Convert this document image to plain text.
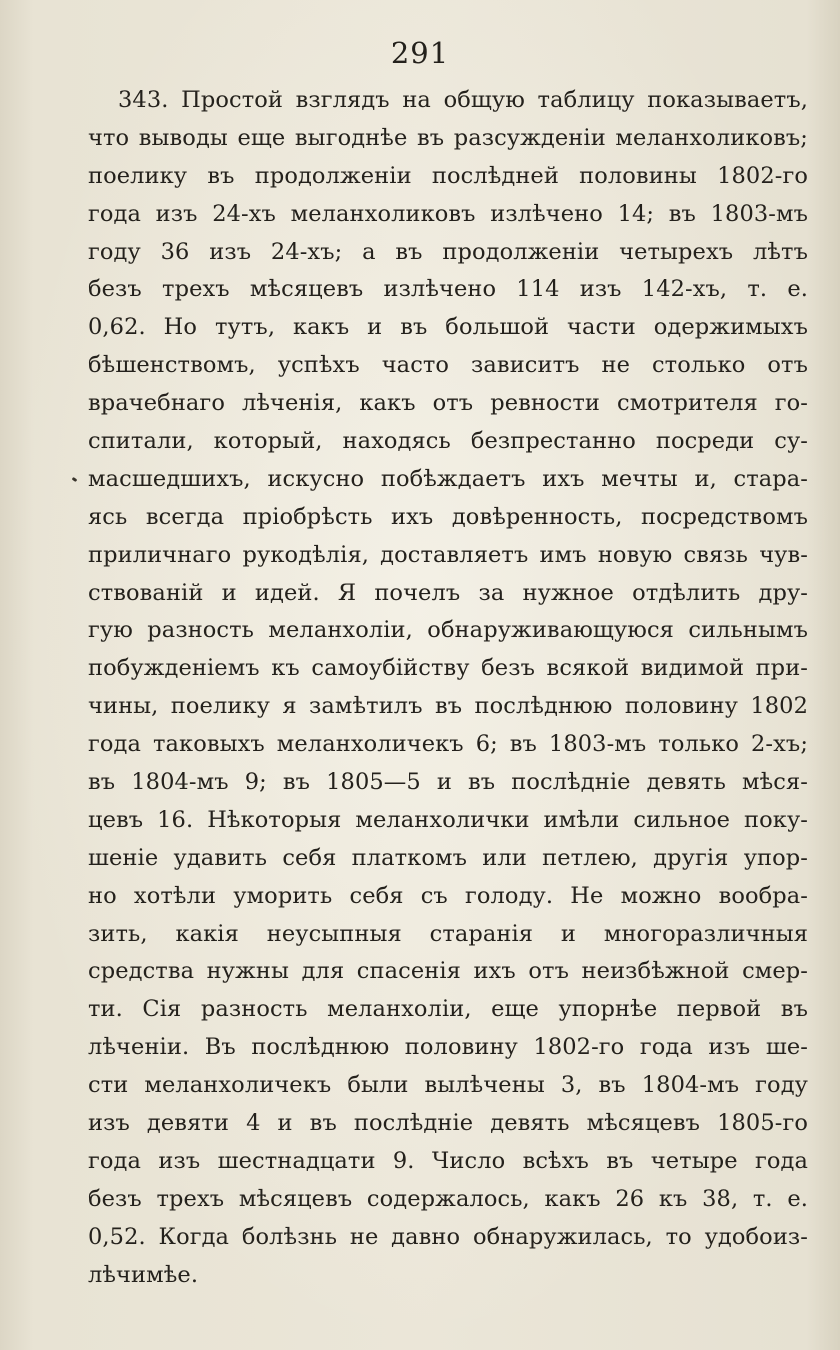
291
343. Простой взглядъ на общую таблицу показываетъ,
что выводы еще выгоднѣе въ разсужденіи меланхоликовъ;
поелику въ продолженіи послѣдней половины 1802-го
года изъ 24-хъ меланхоликовъ излѣчено 14; въ 1803-мъ
году 36 изъ 24-хъ; а въ продолженіи четырехъ лѣтъ
безъ трехъ мѣсяцевъ излѣчено 114 изъ 142-хъ, т. е.
0,62. Но тутъ, какъ и въ большой части одержимыхъ
бѣшенствомъ, успѣхъ часто зависитъ не столько отъ
врачебнаго лѣченія, какъ отъ ревности смотрителя го-
спитали, который, находясь безпрестанно посреди су-
масшедшихъ, искусно побѣждаетъ ихъ мечты и, стара-
ясь всегда пріобрѣсть ихъ довѣренность, посредствомъ
приличнаго рукодѣлія, доставляетъ имъ новую связь чув-
ствованій и идей. Я почелъ за нужное отдѣлить дру-
гую разность меланхоліи, обнаруживающуюся сильнымъ
побужденіемъ къ самоубійству безъ всякой видимой при-
чины, поелику я замѣтилъ въ послѣднюю половину 1802
года таковыхъ меланхоличекъ 6; въ 1803-мъ только 2-хъ;
въ 1804-мъ 9; въ 1805—5 и въ послѣдніе девять мѣся-
цевъ 16. Нѣкоторыя меланхолички имѣли сильное поку-
шеніе удавить себя платкомъ или петлею, другія упор-
но хотѣли уморить себя съ голоду. Не можно вообра-
зить, какія неусыпныя старанія и многоразличныя
средства нужны для спасенія ихъ отъ неизбѣжной смер-
ти. Сія разность меланхоліи, еще упорнѣе первой въ
лѣченіи. Въ послѣднюю половину 1802-го года изъ ше-
сти меланхоличекъ были вылѣчены 3, въ 1804-мъ году
изъ девяти 4 и въ послѣдніе девять мѣсяцевъ 1805-го
года изъ шестнадцати 9. Число всѣхъ въ четыре года
безъ трехъ мѣсяцевъ содержалось, какъ 26 къ 38, т. е.
0,52. Когда болѣзнь не давно обнаружилась, то удобоиз-
лѣчимѣе.
